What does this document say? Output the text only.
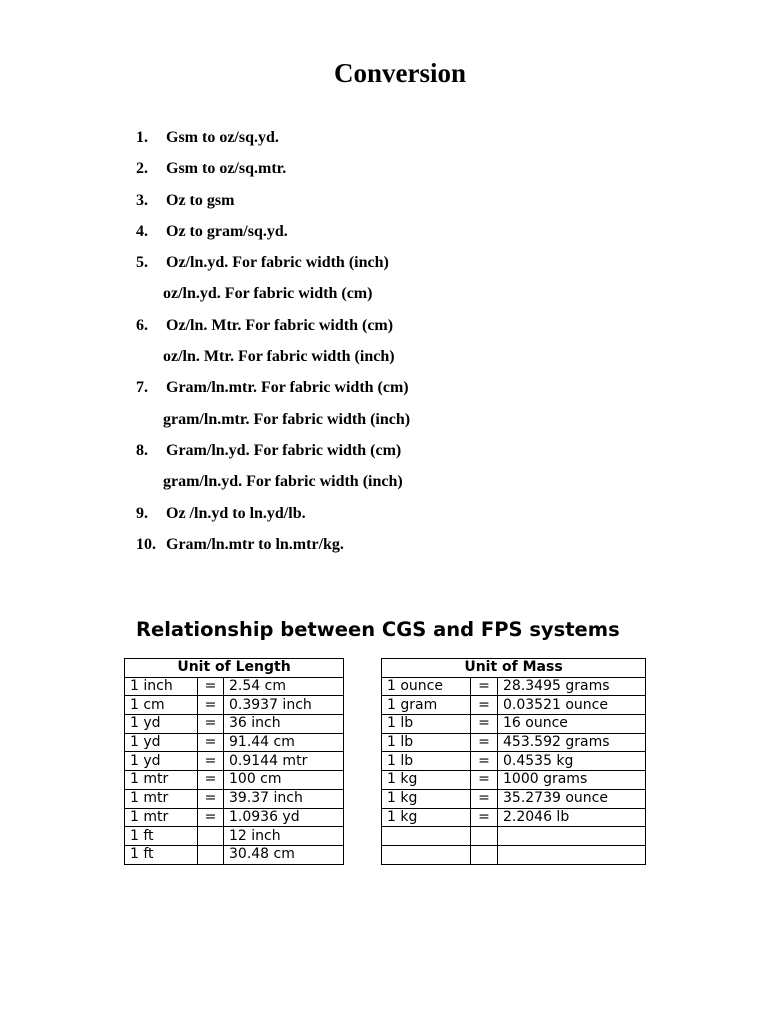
Conversion
1. Gsm to oz/sq.yd.
2. Gsm to oz/sq.mtr.
3. Oz to gsm
4. Oz to gram/sq.yd.
5. Oz/ln.yd. For fabric width (inch)
oz/ln.yd. For fabric width (cm)
6. Oz/ln. Mtr. For fabric width (cm)
oz/ln. Mtr. For fabric width (inch)
7. Gram/ln.mtr. For fabric width (cm)
gram/ln.mtr. For fabric width (inch)
8. Gram/ln.yd. For fabric width (cm)
gram/ln.yd. For fabric width (inch)
9. Oz /ln.yd to ln.yd/lb.
10. Gram/ln.mtr to ln.mtr/kg.
Relationship between CGS and FPS systems
Unit of Length		
1 inch	=	2.54 cm
1 cm	=	0.3937 inch
1 yd	=	36 inch
1 yd	=	91.44 cm
1 yd	=	0.9144 mtr
1 mtr	=	100 cm
1 mtr	=	39.37 inch
1 mtr	=	1.0936 yd
1 ft		12 inch
1 ft		30.48 cm
Unit of Mass		
1 ounce	=	28.3495 grams
1 gram	=	0.03521 ounce
1 lb	=	16 ounce
1 lb	=	453.592 grams
1 lb	=	0.4535 kg
1 kg	=	1000 grams
1 kg	=	35.2739 ounce
1 kg	=	2.2046 lb
